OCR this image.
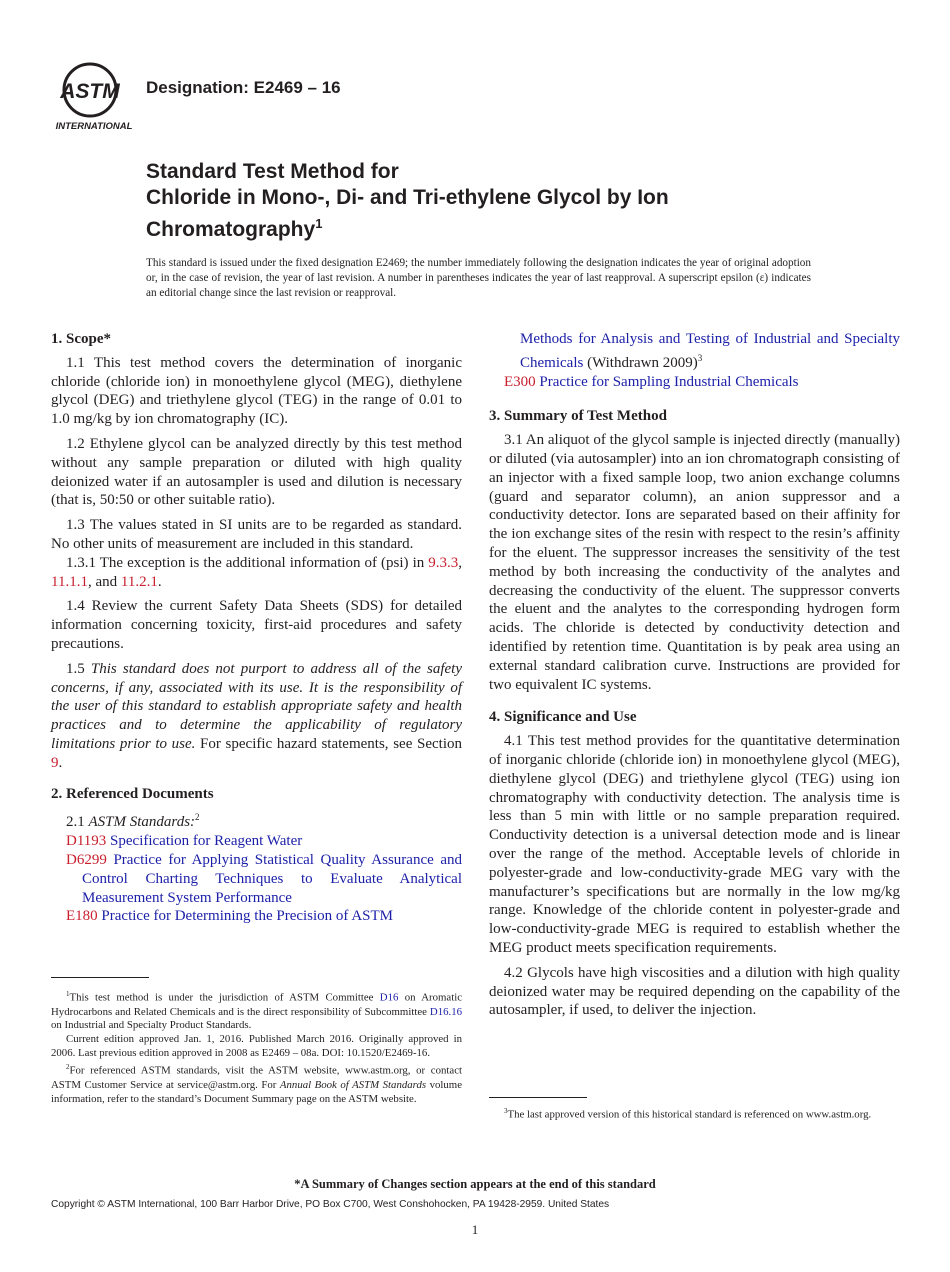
ASTM
INTERNATIONAL
Designation: E2469 – 16
Standard Test Method for
Chloride in Mono-, Di- and Tri-ethylene Glycol by Ion
Chromatography$^1$
This standard is issued under the fixed designation E2469; the number immediately following the designation indicates the year of original adoption or, in the case of revision, the year of last revision. A number in parentheses indicates the year of last reapproval. A superscript epsilon (ε) indicates an editorial change since the last revision or reapproval.
1. Scope*

1.1 This test method covers the determination of inorganic chloride (chloride ion) in monoethylene glycol (MEG), diethylene glycol (DEG) and triethylene glycol (TEG) in the range of 0.01 to 1.0 mg/kg by ion chromatography (IC).

1.2 Ethylene glycol can be analyzed directly by this test method without any sample preparation or diluted with high quality deionized water if an autosampler is used and dilution is necessary (that is, 50:50 or other suitable ratio).

1.3 The values stated in SI units are to be regarded as standard. No other units of measurement are included in this standard.

1.3.1 The exception is the additional information of (psi) in 9.3.3, 11.1.1, and 11.2.1.

1.4 Review the current Safety Data Sheets (SDS) for detailed information concerning toxicity, first-aid procedures and safety precautions.

1.5 This standard does not purport to address all of the safety concerns, if any, associated with its use. It is the responsibility of the user of this standard to establish appropriate safety and health practices and to determine the applicability of regulatory limitations prior to use. For specific hazard statements, see Section 9.

2. Referenced Documents

2.1 ASTM Standards:$^2$

D1193 Specification for Reagent Water
D6299 Practice for Applying Statistical Quality Assurance and Control Charting Techniques to Evaluate Analytical Measurement System Performance
E180 Practice for Determining the Precision of ASTM

$^1$This test method is under the jurisdiction of ASTM Committee D16 on Aromatic Hydrocarbons and Related Chemicals and is the direct responsibility of Subcommittee D16.16 on Industrial and Specialty Product Standards.

Current edition approved Jan. 1, 2016. Published March 2016. Originally approved in 2006. Last previous edition approved in 2008 as E2469 – 08a. DOI: 10.1520/E2469-16.

$^2$For referenced ASTM standards, visit the ASTM website, www.astm.org, or contact ASTM Customer Service at service@astm.org. For Annual Book of ASTM Standards volume information, refer to the standard’s Document Summary page on the ASTM website.

Methods for Analysis and Testing of Industrial and Specialty Chemicals (Withdrawn 2009)$^3$
E300 Practice for Sampling Industrial Chemicals
3. Summary of Test Method

3.1 An aliquot of the glycol sample is injected directly (manually) or diluted (via autosampler) into an ion chromatograph consisting of an injector with a fixed sample loop, two anion exchange columns (guard and separator column), an anion suppressor and a conductivity detector. Ions are separated based on their affinity for the ion exchange sites of the resin with respect to the resin’s affinity for the eluent. The suppressor increases the sensitivity of the test method by both increasing the conductivity of the analytes and decreasing the conductivity of the eluent. The suppressor converts the eluent and the analytes to the corresponding hydrogen form acids. The chloride is detected by conductivity detection and identified by retention time. Quantitation is by peak area using an external standard calibration curve. Instructions are provided for two equivalent IC systems.

4. Significance and Use

4.1 This test method provides for the quantitative determination of inorganic chloride (chloride ion) in monoethylene glycol (MEG), diethylene glycol (DEG) and triethylene glycol (TEG) using ion chromatography with conductivity detection. The analysis time is less than 5 min with little or no sample preparation required. Conductivity detection is a universal detection mode and is linear over the range of the method. Acceptable levels of chloride in polyester-grade and low-conductivity-grade MEG vary with the manufacturer’s specifications but are normally in the low mg/kg range. Knowledge of the chloride content in polyester-grade and low-conductivity-grade MEG is required to establish whether the MEG product meets specification requirements.

4.2 Glycols have high viscosities and a dilution with high quality deionized water may be required depending on the capability of the autosampler, if used, to deliver the injection.

$^3$The last approved version of this historical standard is referenced on www.astm.org.

*A Summary of Changes section appears at the end of this standard
Copyright © ASTM International, 100 Barr Harbor Drive, PO Box C700, West Conshohocken, PA 19428-2959. United States
1
